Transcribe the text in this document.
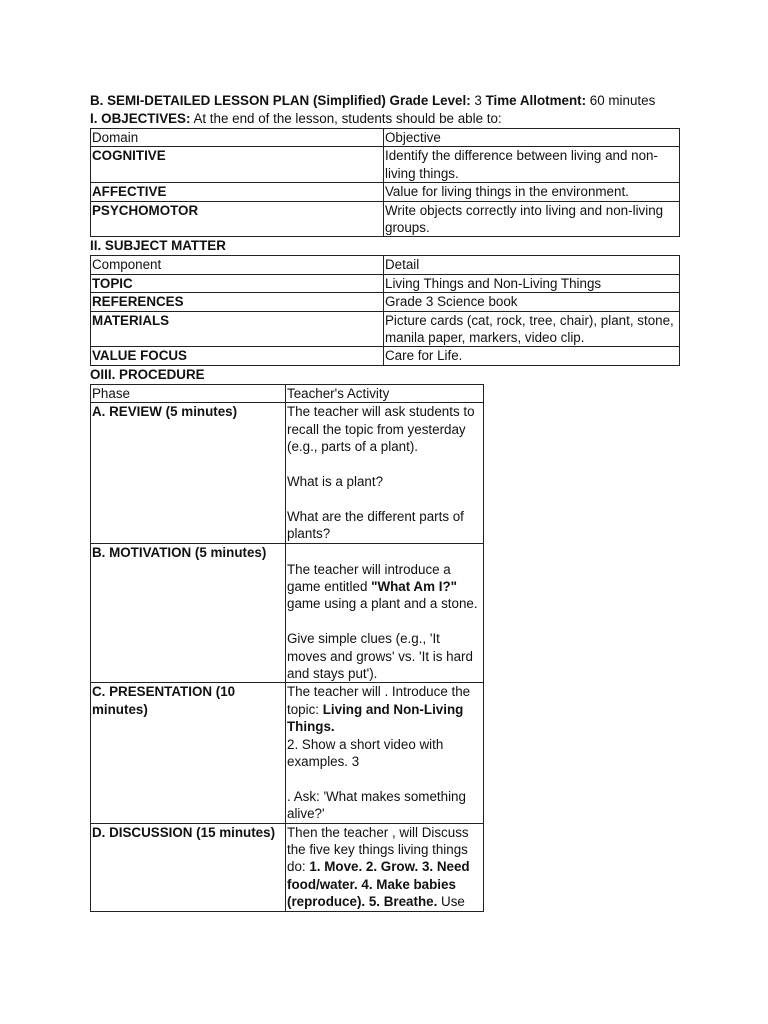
B. SEMI-DETAILED LESSON PLAN (Simplified) Grade Level: 3 Time Allotment: 60 minutes
I. OBJECTIVES: At the end of the lesson, students should be able to:
Domain	Objective
COGNITIVE	Identify the difference between living and non-living things.
AFFECTIVE	Value for living things in the environment.
PSYCHOMOTOR	Write objects correctly into living and non-living groups.
II. SUBJECT MATTER
Component	Detail
TOPIC	Living Things and Non-Living Things
REFERENCES	Grade 3 Science book
MATERIALS	Picture cards (cat, rock, tree, chair), plant, stone, manila paper, markers, video clip.
VALUE FOCUS	Care for Life.
OIII. PROCEDURE
Phase	Teacher's Activity
A. REVIEW (5 minutes)	The teacher will ask students to recall the topic from yesterday (e.g., parts of a plant).
What is a plant?
What are the different parts of plants?

B. MOTIVATION (5 minutes)	The teacher will introduce a game entitled "What Am I?" game using a plant and a stone.
Give simple clues (e.g., 'It moves and grows' vs. 'It is hard and stays put').

C. PRESENTATION (10 minutes)	The teacher will . Introduce the topic: Living and Non-Living Things.
2. Show a short video with examples. 3
. Ask: 'What makes something alive?'

D. DISCUSSION (15 minutes)	Then the teacher , will Discuss the five key things living things do: 1. Move. 2. Grow. 3. Need food/water. 4. Make babies (reproduce). 5. Breathe. Use
